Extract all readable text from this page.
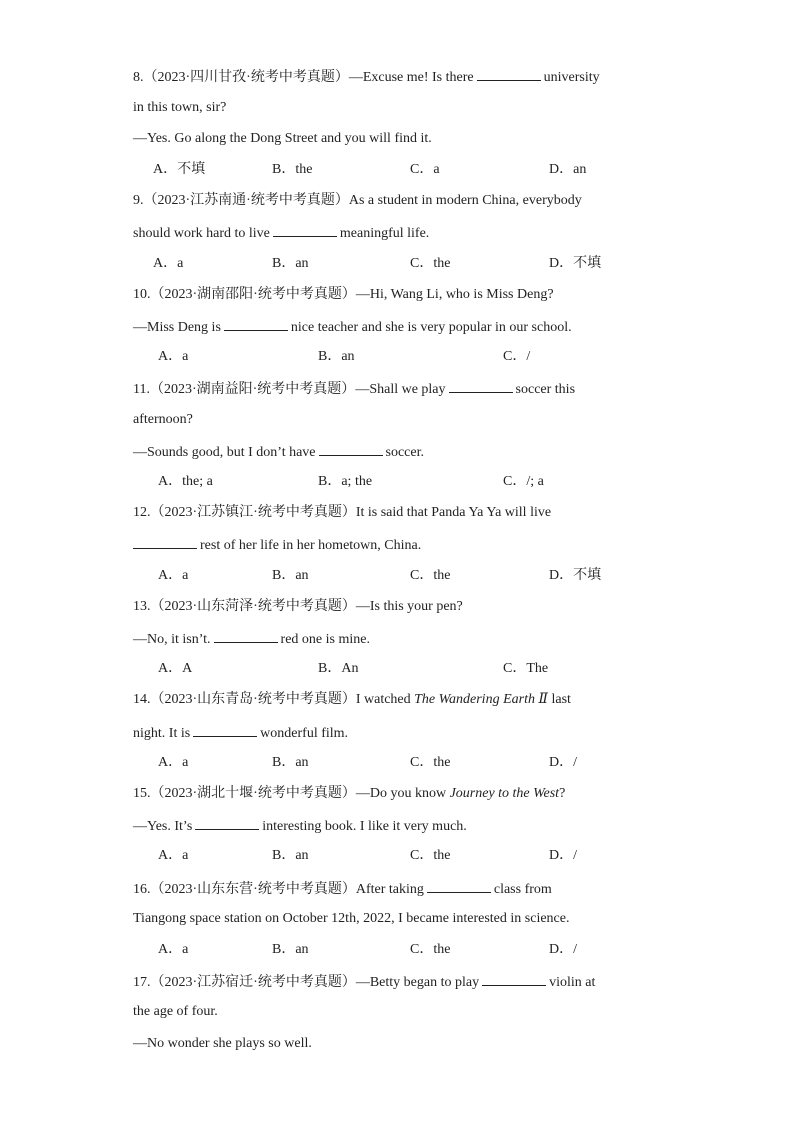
8.（2023·四川甘孜·统考中考真题）—Excuse me! Is there	university
in this town, sir?
—Yes. Go along the Dong Street and you will find it.
A．不填	B．the	C．a	D．an
9.（2023·江苏南通·统考中考真题）As a student in modern China, everybody
should work hard to live	meaningful life.
A．a	B．an	C．the	D．不填
10.（2023·湖南邵阳·统考中考真题）—Hi, Wang Li, who is Miss Deng?
—Miss Deng is	nice teacher and she is very popular in our school.
A．a	B．an	C．/
11.（2023·湖南益阳·统考中考真题）—Shall we play	soccer this
afternoon?
—Sounds good, but I don’t have	soccer.
A．the; a	B．a; the	C．/; a
12.（2023·江苏镇江·统考中考真题）It is said that Panda Ya Ya will live
rest of her life in her hometown, China.
A．a	B．an	C．the	D．不填
13.（2023·山东菏泽·统考中考真题）—Is this your pen?
—No, it isn’t.	red one is mine.
A．A	B．An	C．The
14.（2023·山东青岛·统考中考真题）I watched The Wandering Earth Ⅱ last
night. It is	wonderful film.
A．a	B．an	C．the	D．/
15.（2023·湖北十堰·统考中考真题）—Do you know Journey to the West?
—Yes. It’s	interesting book. I like it very much.
A．a	B．an	C．the	D．/
16.（2023·山东东营·统考中考真题）After taking	class from
Tiangong space station on October 12th, 2022, I became interested in science.
A．a	B．an	C．the	D．/
17.（2023·江苏宿迁·统考中考真题）—Betty began to play	violin at
the age of four.
—No wonder she plays so well.
